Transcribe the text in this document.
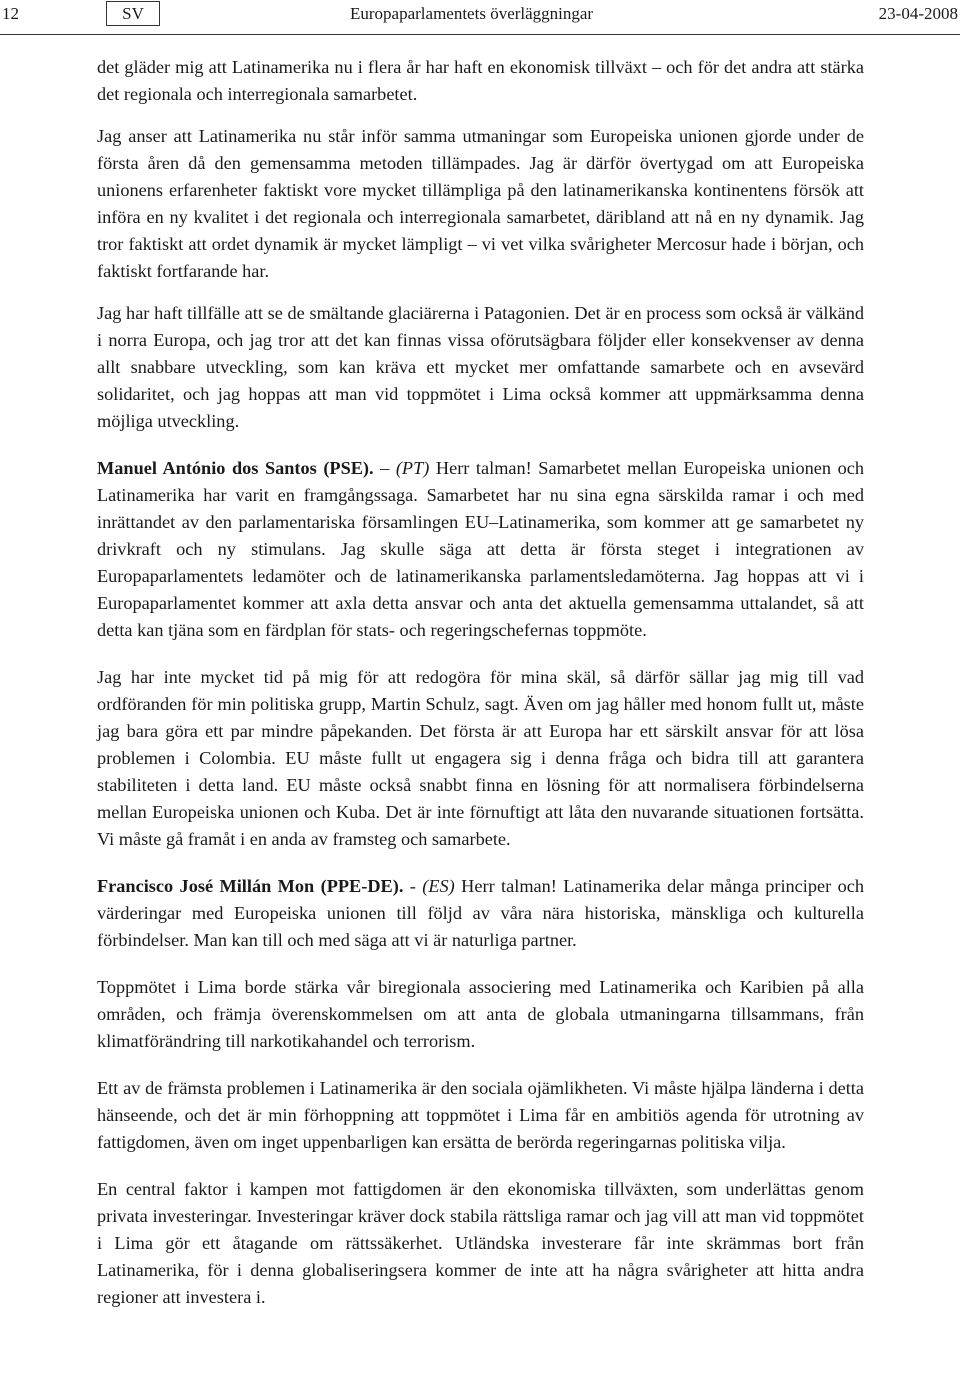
12	SV	Europaparlamentets överläggningar	23-04-2008

det gläder mig att Latinamerika nu i flera år har haft en ekonomisk tillväxt – och för det andra att stärka det regionala och interregionala samarbetet.

Jag anser att Latinamerika nu står inför samma utmaningar som Europeiska unionen gjorde under de första åren då den gemensamma metoden tillämpades. Jag är därför övertygad om att Europeiska unionens erfarenheter faktiskt vore mycket tillämpliga på den latinamerikanska kontinentens försök att införa en ny kvalitet i det regionala och interregionala samarbetet, däribland att nå en ny dynamik. Jag tror faktiskt att ordet dynamik är mycket lämpligt – vi vet vilka svårigheter Mercosur hade i början, och faktiskt fortfarande har.

Jag har haft tillfälle att se de smältande glaciärerna i Patagonien. Det är en process som också är välkänd i norra Europa, och jag tror att det kan finnas vissa oförutsägbara följder eller konsekvenser av denna allt snabbare utveckling, som kan kräva ett mycket mer omfattande samarbete och en avsevärd solidaritet, och jag hoppas att man vid toppmötet i Lima också kommer att uppmärksamma denna möjliga utveckling.

Manuel António dos Santos (PSE). – (PT) Herr talman! Samarbetet mellan Europeiska unionen och Latinamerika har varit en framgångssaga. Samarbetet har nu sina egna särskilda ramar i och med inrättandet av den parlamentariska församlingen EU–Latinamerika, som kommer att ge samarbetet ny drivkraft och ny stimulans. Jag skulle säga att detta är första steget i integrationen av Europaparlamentets ledamöter och de latinamerikanska parlamentsledamöterna. Jag hoppas att vi i Europaparlamentet kommer att axla detta ansvar och anta det aktuella gemensamma uttalandet, så att detta kan tjäna som en färdplan för stats- och regeringschefernas toppmöte.

Jag har inte mycket tid på mig för att redogöra för mina skäl, så därför sällar jag mig till vad ordföranden för min politiska grupp, Martin Schulz, sagt. Även om jag håller med honom fullt ut, måste jag bara göra ett par mindre påpekanden. Det första är att Europa har ett särskilt ansvar för att lösa problemen i Colombia. EU måste fullt ut engagera sig i denna fråga och bidra till att garantera stabiliteten i detta land. EU måste också snabbt finna en lösning för att normalisera förbindelserna mellan Europeiska unionen och Kuba. Det är inte förnuftigt att låta den nuvarande situationen fortsätta. Vi måste gå framåt i en anda av framsteg och samarbete.

Francisco José Millán Mon (PPE-DE). - (ES) Herr talman! Latinamerika delar många principer och värderingar med Europeiska unionen till följd av våra nära historiska, mänskliga och kulturella förbindelser. Man kan till och med säga att vi är naturliga partner.

Toppmötet i Lima borde stärka vår biregionala associering med Latinamerika och Karibien på alla områden, och främja överenskommelsen om att anta de globala utmaningarna tillsammans, från klimatförändring till narkotikahandel och terrorism.

Ett av de främsta problemen i Latinamerika är den sociala ojämlikheten. Vi måste hjälpa länderna i detta hänseende, och det är min förhoppning att toppmötet i Lima får en ambitiös agenda för utrotning av fattigdomen, även om inget uppenbarligen kan ersätta de berörda regeringarnas politiska vilja.

En central faktor i kampen mot fattigdomen är den ekonomiska tillväxten, som underlättas genom privata investeringar. Investeringar kräver dock stabila rättsliga ramar och jag vill att man vid toppmötet i Lima gör ett åtagande om rättssäkerhet. Utländska investerare får inte skrämmas bort från Latinamerika, för i denna globaliseringsera kommer de inte att ha några svårigheter att hitta andra regioner att investera i.
